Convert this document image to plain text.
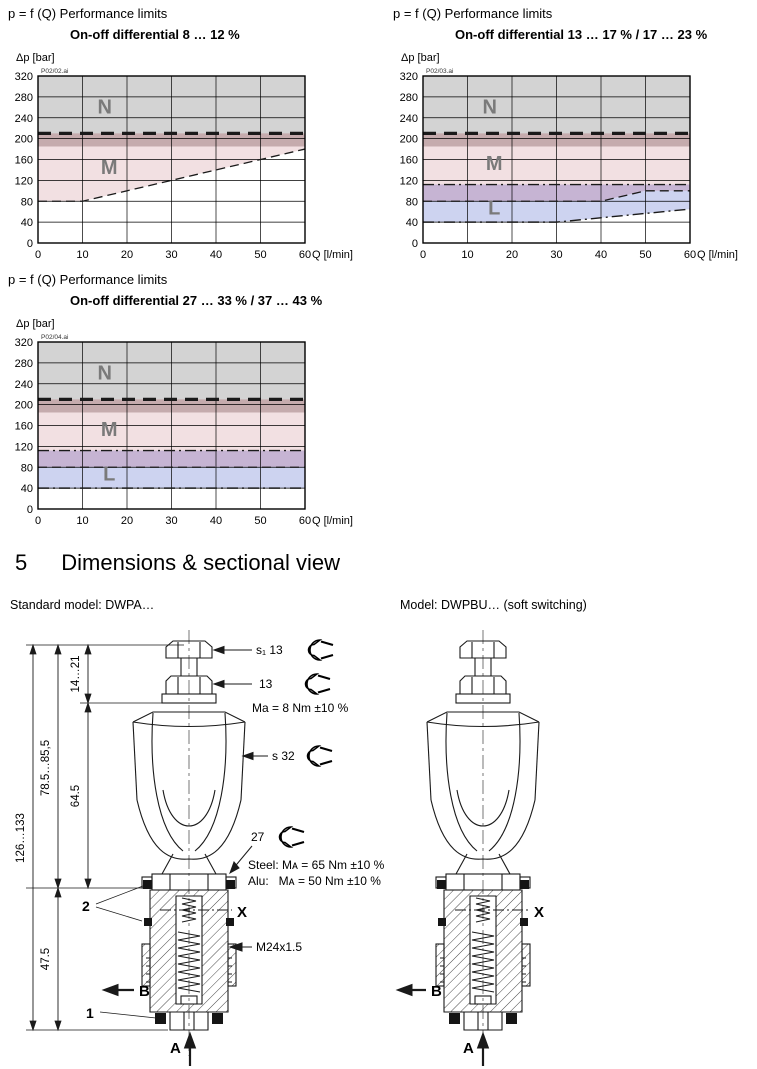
p = f (Q) Performance limits
On-off differential 8 … 12 %
Δp [bar]
N
M
0	10	20	30	40	50	60
0
40
80
120
160
200
240
280
320
Q [l/min]
P02/02.ai
p = f (Q) Performance limits
On-off differential 13 … 17 % / 17 … 23 %
Δp [bar]
N
M
L
0	10	20	30	40	50	60
0
40
80
120
160
200
240
280
320
Q [l/min]
P02/03.ai
p = f (Q) Performance limits
On-off differential 27 … 33 % / 37 … 43 %
Δp [bar]
N
M
L
0	10	20	30	40	50	60
0
40
80
120
160
200
240
280
320
Q [l/min]
P02/04.ai
5 Dimensions & sectional view
Standard model: DWPA…	Model: DWPBU… (soft switching)
s₁ 13
13
Ma = 8 Nm ±10 %
s 32
27
Steel: Mᴀ = 65 Nm ±10 %
Alu:   Mᴀ = 50 Nm ±10 %
M24x1.5
2
1
X
B
A
126…133
78.5…85,5
47.5
14…21
64.5
X
B
A
